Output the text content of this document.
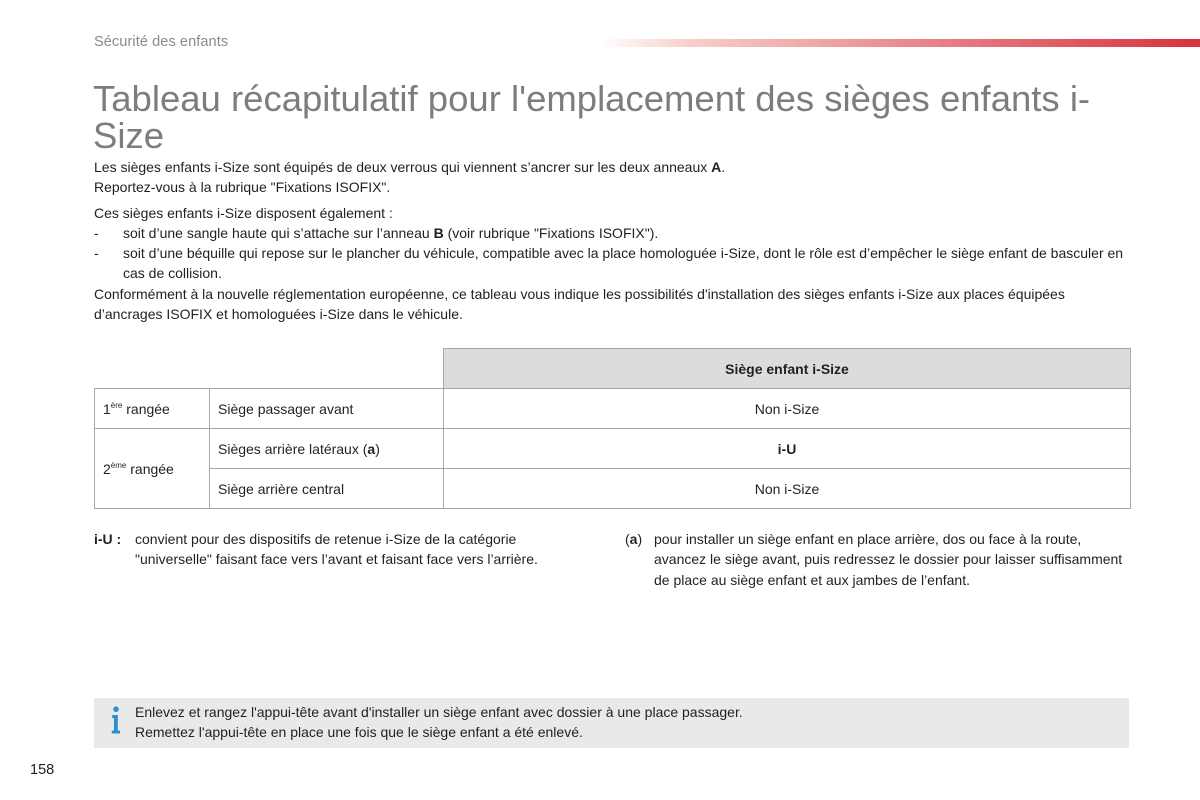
Sécurité des enfants
Tableau récapitulatif pour l'emplacement des sièges enfants i-Size

Les sièges enfants i-Size sont équipés de deux verrous qui viennent s’ancrer sur les deux anneaux A.

Reportez-vous à la rubrique "Fixations ISOFIX".

Ces sièges enfants i-Size disposent également :

- soit d’une sangle haute qui s’attache sur l’anneau B (voir rubrique "Fixations ISOFIX").

- soit d’une béquille qui repose sur le plancher du véhicule, compatible avec la place homologuée i-Size, dont le rôle est d’empêcher le siège enfant de basculer en cas de collision.

Conformément à la nouvelle réglementation européenne, ce tableau vous indique les possibilités d'installation des sièges enfants i-Size aux places équipées d’ancrages ISOFIX et homologuées i-Size dans le véhicule.

		Siège enfant i-Size
1ère rangée	Siège passager avant	Non i-Size
2ème rangée	Sièges arrière latéraux (a)	i-U
	Siège arrière central	Non i-Size
i-U : convient pour des dispositifs de retenue i-Size de la catégorie "universelle" faisant face vers l’avant et faisant face vers l’arrière.
(a) pour installer un siège enfant en place arrière, dos ou face à la route, avancez le siège avant, puis redressez le dossier pour laisser suffisamment de place au siège enfant et aux jambes de l’enfant.

Enlevez et rangez l'appui-tête avant d'installer un siège enfant avec dossier à une place passager.

Remettez l'appui-tête en place une fois que le siège enfant a été enlevé.

158
